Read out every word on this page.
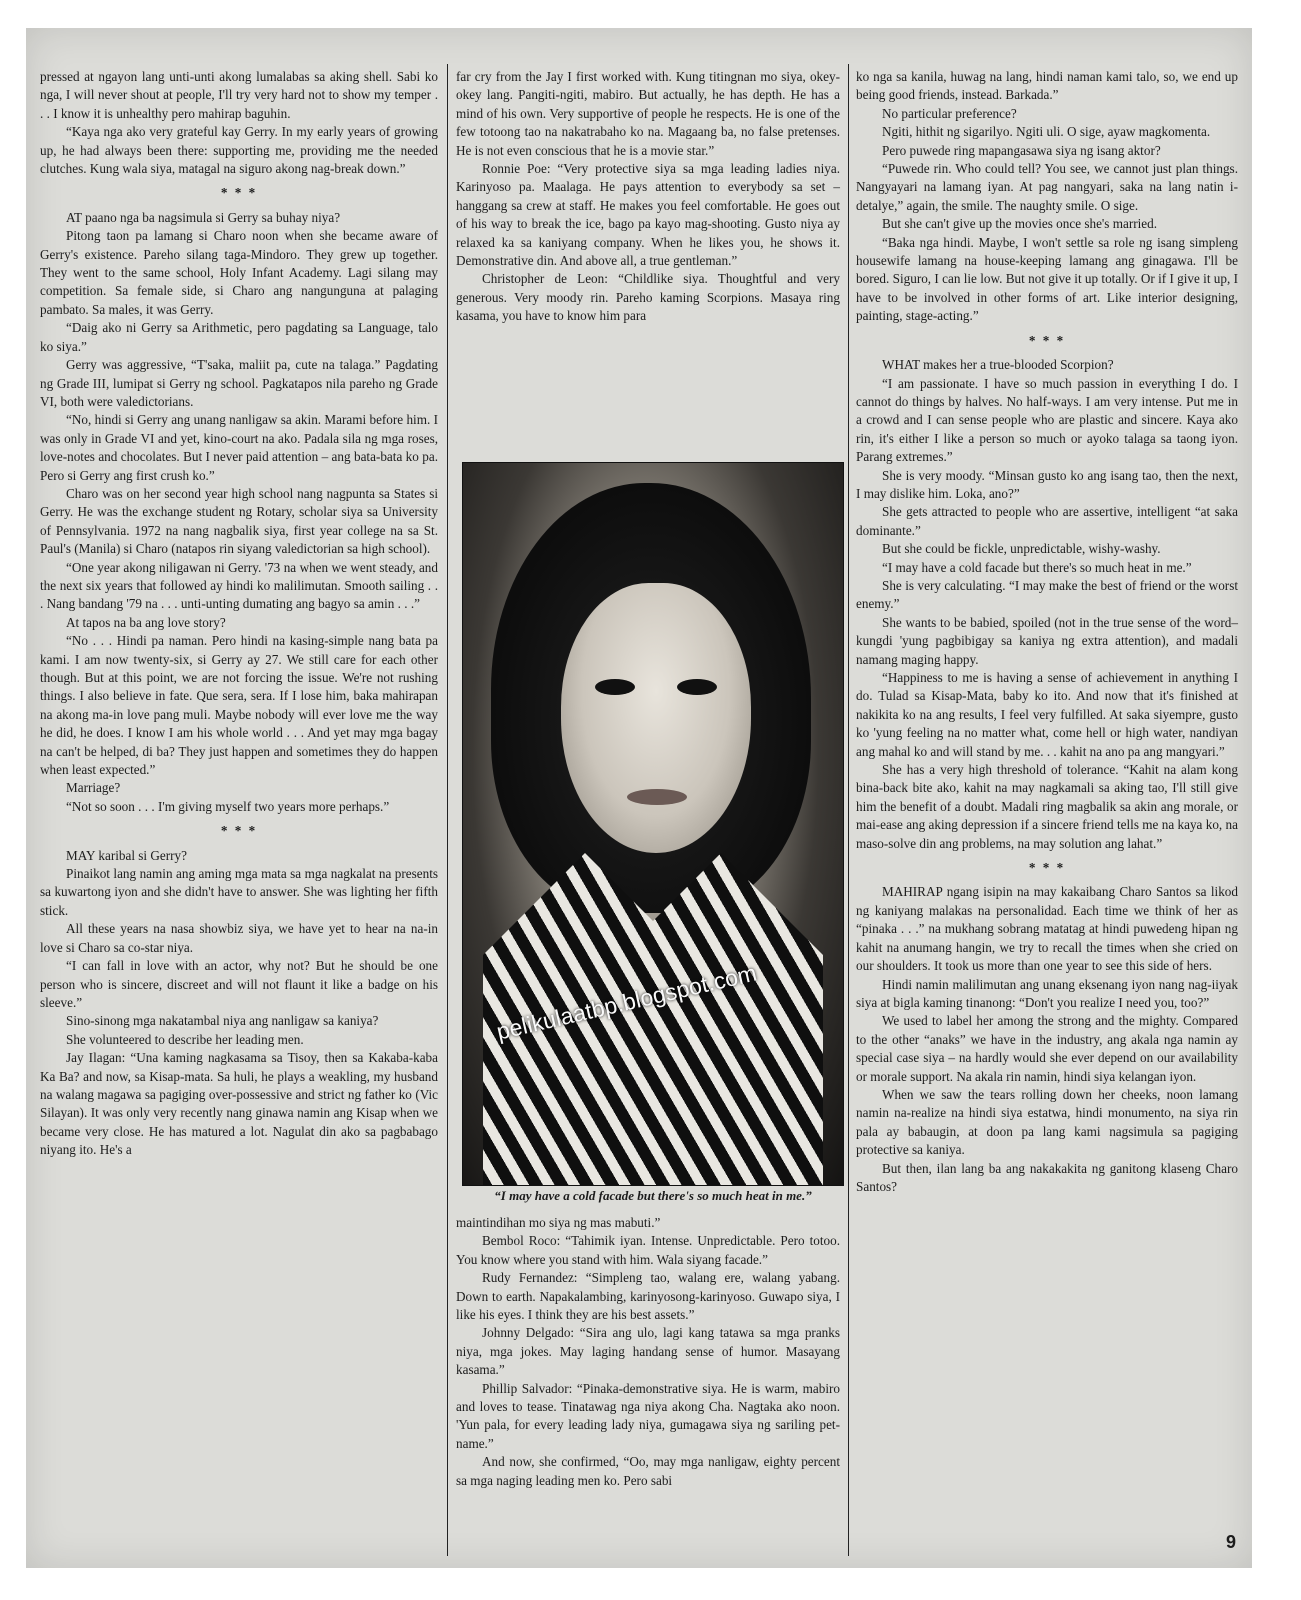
pressed at ngayon lang unti-unti akong lumalabas sa aking shell. Sabi ko nga, I will never shout at people, I'll try very hard not to show my temper . . . I know it is unhealthy pero mahirap baguhin.

“Kaya nga ako very grateful kay Gerry. In my early years of growing up, he had always been there: supporting me, providing me the needed clutches. Kung wala siya, matagal na siguro akong nag-break down.”

* * *

AT paano nga ba nagsimula si Gerry sa buhay niya?

Pitong taon pa lamang si Charo noon when she became aware of Gerry's existence. Pareho silang taga-Mindoro. They grew up together. They went to the same school, Holy Infant Academy. Lagi silang may competition. Sa female side, si Charo ang nangunguna at palaging pambato. Sa males, it was Gerry.

“Daig ako ni Gerry sa Arithmetic, pero pagdating sa Language, talo ko siya.”

Gerry was aggressive, “T'saka, maliit pa, cute na talaga.” Pagdating ng Grade III, lumipat si Gerry ng school. Pagkatapos nila pareho ng Grade VI, both were valedictorians.

“No, hindi si Gerry ang unang nanligaw sa akin. Marami before him. I was only in Grade VI and yet, kino-court na ako. Padala sila ng mga roses, love-notes and chocolates. But I never paid attention – ang bata-bata ko pa. Pero si Gerry ang first crush ko.”

Charo was on her second year high school nang nagpunta sa States si Gerry. He was the exchange student ng Rotary, scholar siya sa University of Pennsylvania. 1972 na nang nagbalik siya, first year college na sa St. Paul's (Manila) si Charo (natapos rin siyang valedictorian sa high school).

“One year akong niligawan ni Gerry. '73 na when we went steady, and the next six years that followed ay hindi ko malilimutan. Smooth sailing . . . Nang bandang '79 na . . . unti-unting dumating ang bagyo sa amin . . .”

At tapos na ba ang love story?

“No . . . Hindi pa naman. Pero hindi na kasing-simple nang bata pa kami. I am now twenty-six, si Gerry ay 27. We still care for each other though. But at this point, we are not forcing the issue. We're not rushing things. I also believe in fate. Que sera, sera. If I lose him, baka mahirapan na akong ma-in love pang muli. Maybe nobody will ever love me the way he did, he does. I know I am his whole world . . . And yet may mga bagay na can't be helped, di ba? They just happen and sometimes they do happen when least expected.”

Marriage?

“Not so soon . . . I'm giving myself two years more perhaps.”

* * *

MAY karibal si Gerry?

Pinaikot lang namin ang aming mga mata sa mga nagkalat na presents sa kuwartong iyon and she didn't have to answer. She was lighting her fifth stick.

All these years na nasa showbiz siya, we have yet to hear na na-in love si Charo sa co-star niya.

“I can fall in love with an actor, why not? But he should be one person who is sincere, discreet and will not flaunt it like a badge on his sleeve.”

Sino-sinong mga nakatambal niya ang nanligaw sa kaniya?

She volunteered to describe her leading men.

Jay Ilagan: “Una kaming nagkasama sa Tisoy, then sa Kakaba-kaba Ka Ba? and now, sa Kisap-mata. Sa huli, he plays a weakling, my husband na walang magawa sa pagiging over-possessive and strict ng father ko (Vic Silayan). It was only very recently nang ginawa namin ang Kisap when we became very close. He has matured a lot. Nagulat din ako sa pagbabago niyang ito. He's a

far cry from the Jay I first worked with. Kung titingnan mo siya, okey-okey lang. Pangiti-ngiti, mabiro. But actually, he has depth. He has a mind of his own. Very supportive of people he respects. He is one of the few totoong tao na nakatrabaho ko na. Magaang ba, no false pretenses. He is not even conscious that he is a movie star.”

Ronnie Poe: “Very protective siya sa mga leading ladies niya. Karinyoso pa. Maalaga. He pays attention to everybody sa set – hanggang sa crew at staff. He makes you feel comfortable. He goes out of his way to break the ice, bago pa kayo mag-shooting. Gusto niya ay relaxed ka sa kaniyang company. When he likes you, he shows it. Demonstrative din. And above all, a true gentleman.”

Christopher de Leon: “Childlike siya. Thoughtful and very generous. Very moody rin. Pareho kaming Scorpions. Masaya ring kasama, you have to know him para

pelikulaatbp.blogspot.com
“I may have a cold facade but there's so much heat in me.”

maintindihan mo siya ng mas mabuti.”

Bembol Roco: “Tahimik iyan. Intense. Unpredictable. Pero totoo. You know where you stand with him. Wala siyang facade.”

Rudy Fernandez: “Simpleng tao, walang ere, walang yabang. Down to earth. Napakalambing, karinyosong-karinyoso. Guwapo siya, I like his eyes. I think they are his best assets.”

Johnny Delgado: “Sira ang ulo, lagi kang tatawa sa mga pranks niya, mga jokes. May laging handang sense of humor. Masayang kasama.”

Phillip Salvador: “Pinaka-demonstrative siya. He is warm, mabiro and loves to tease. Tinatawag nga niya akong Cha. Nagtaka ako noon. 'Yun pala, for every leading lady niya, gumagawa siya ng sariling pet-name.”

And now, she confirmed, “Oo, may mga nanligaw, eighty percent sa mga naging leading men ko. Pero sabi

ko nga sa kanila, huwag na lang, hindi naman kami talo, so, we end up being good friends, instead. Barkada.”

No particular preference?

Ngiti, hithit ng sigarilyo. Ngiti uli. O sige, ayaw magkomenta.

Pero puwede ring mapangasawa siya ng isang aktor?

“Puwede rin. Who could tell? You see, we cannot just plan things. Nangyayari na lamang iyan. At pag nangyari, saka na lang natin i-detalye,” again, the smile. The naughty smile. O sige.

But she can't give up the movies once she's married.

“Baka nga hindi. Maybe, I won't settle sa role ng isang simpleng housewife lamang na house-keeping lamang ang ginagawa. I'll be bored. Siguro, I can lie low. But not give it up totally. Or if I give it up, I have to be involved in other forms of art. Like interior designing, painting, stage-acting.”

* * *

WHAT makes her a true-blooded Scorpion?

“I am passionate. I have so much passion in everything I do. I cannot do things by halves. No half-ways. I am very intense. Put me in a crowd and I can sense people who are plastic and sincere. Kaya ako rin, it's either I like a person so much or ayoko talaga sa taong iyon. Parang extremes.”

She is very moody. “Minsan gusto ko ang isang tao, then the next, I may dislike him. Loka, ano?”

She gets attracted to people who are assertive, intelligent “at saka dominante.”

But she could be fickle, unpredictable, wishy-washy.

“I may have a cold facade but there's so much heat in me.”

She is very calculating. “I may make the best of friend or the worst enemy.”

She wants to be babied, spoiled (not in the true sense of the word–kungdi 'yung pagbibigay sa kaniya ng extra attention), and madali namang maging happy.

“Happiness to me is having a sense of achievement in anything I do. Tulad sa Kisap-Mata, baby ko ito. And now that it's finished at nakikita ko na ang results, I feel very fulfilled. At saka siyempre, gusto ko 'yung feeling na no matter what, come hell or high water, nandiyan ang mahal ko and will stand by me. . . kahit na ano pa ang mangyari.”

She has a very high threshold of tolerance. “Kahit na alam kong bina-back bite ako, kahit na may nagkamali sa aking tao, I'll still give him the benefit of a doubt. Madali ring magbalik sa akin ang morale, or mai-ease ang aking depression if a sincere friend tells me na kaya ko, na maso-solve din ang problems, na may solution ang lahat.”

* * *

MAHIRAP ngang isipin na may kakaibang Charo Santos sa likod ng kaniyang malakas na personalidad. Each time we think of her as “pinaka . . .” na mukhang sobrang matatag at hindi puwedeng hipan ng kahit na anumang hangin, we try to recall the times when she cried on our shoulders. It took us more than one year to see this side of hers.

Hindi namin malilimutan ang unang eksenang iyon nang nag-iiyak siya at bigla kaming tinanong: “Don't you realize I need you, too?”

We used to label her among the strong and the mighty. Compared to the other “anaks” we have in the industry, ang akala nga namin ay special case siya – na hardly would she ever depend on our availability or morale support. Na akala rin namin, hindi siya kelangan iyon.

When we saw the tears rolling down her cheeks, noon lamang namin na-realize na hindi siya estatwa, hindi monumento, na siya rin pala ay babaugin, at doon pa lang kami nagsimula sa pagiging protective sa kaniya.

But then, ilan lang ba ang nakakakita ng ganitong klaseng Charo Santos?

9
